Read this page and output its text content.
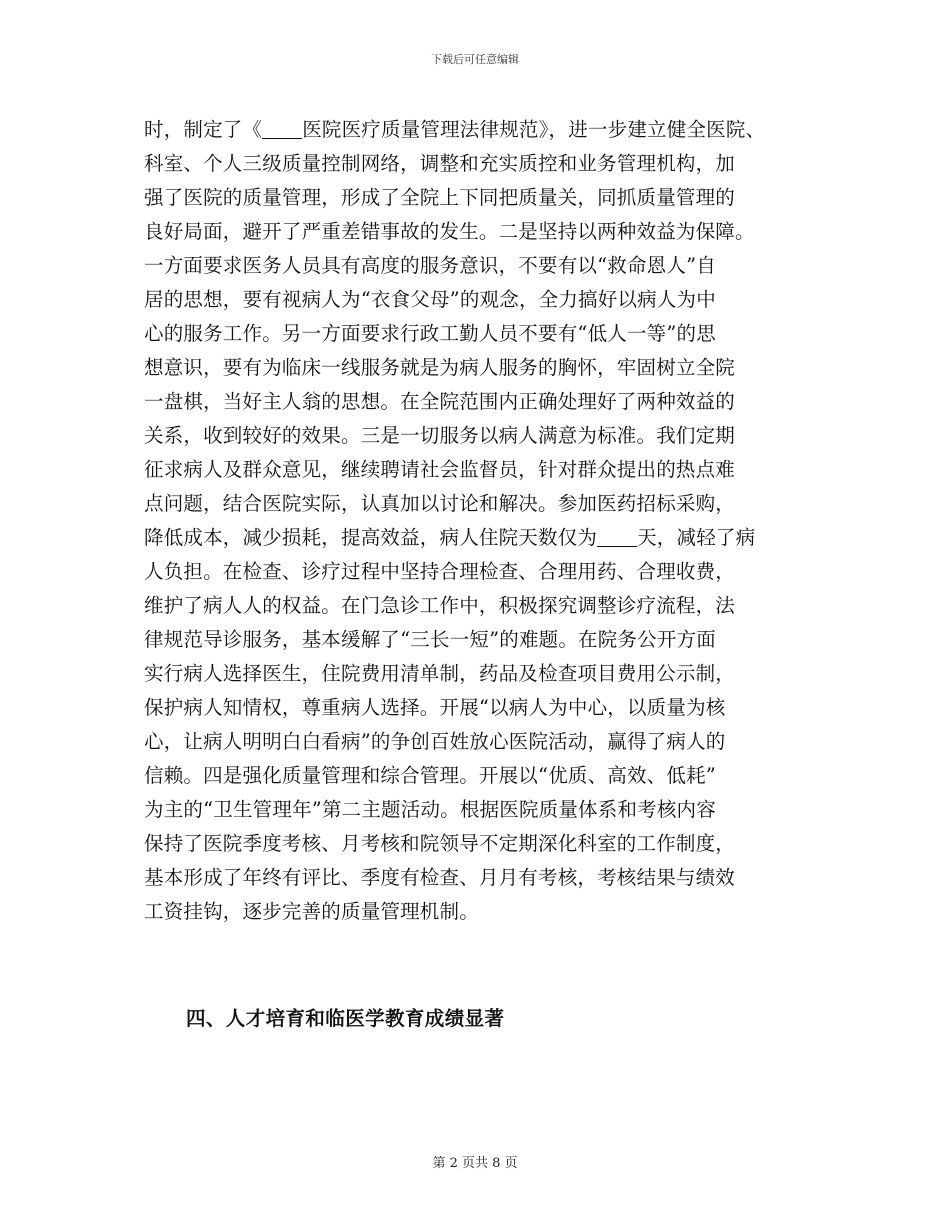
下载后可任意编辑
时，制定了《 医院医疗质量管理法律规范》，进一步建立健全医院、
科室、个人三级质量控制网络，调整和充实质控和业务管理机构，加
强了医院的质量管理，形成了全院上下同把质量关，同抓质量管理的
良好局面，避开了严重差错事故的发生。二是坚持以两种效益为保障。
一方面要求医务人员具有高度的服务意识，不要有以“救命恩人”自
居的思想，要有视病人为“衣食父母”的观念，全力搞好以病人为中
心的服务工作。另一方面要求行政工勤人员不要有“低人一等”的思
想意识，要有为临床一线服务就是为病人服务的胸怀，牢固树立全院
一盘棋，当好主人翁的思想。在全院范围内正确处理好了两种效益的
关系，收到较好的效果。三是一切服务以病人满意为标准。我们定期
征求病人及群众意见，继续聘请社会监督员，针对群众提出的热点难
点问题，结合医院实际，认真加以讨论和解决。参加医药招标采购，
降低成本，减少损耗，提高效益，病人住院天数仅为 天，减轻了病
人负担。在检查、诊疗过程中坚持合理检查、合理用药、合理收费，
维护了病人人的权益。在门急诊工作中，积极探究调整诊疗流程，法
律规范导诊服务，基本缓解了“三长一短”的难题。在院务公开方面
实行病人选择医生，住院费用清单制，药品及检查项目费用公示制，
保护病人知情权，尊重病人选择。开展“以病人为中心，以质量为核
心，让病人明明白白看病”的争创百姓放心医院活动，赢得了病人的
信赖。四是强化质量管理和综合管理。开展以“优质、高效、低耗”
为主的“卫生管理年”第二主题活动。根据医院质量体系和考核内容
保持了医院季度考核、月考核和院领导不定期深化科室的工作制度，
基本形成了年终有评比、季度有检查、月月有考核，考核结果与绩效
工资挂钩，逐步完善的质量管理机制。
四、人才培育和临医学教育成绩显著
第 2 页共 8 页
